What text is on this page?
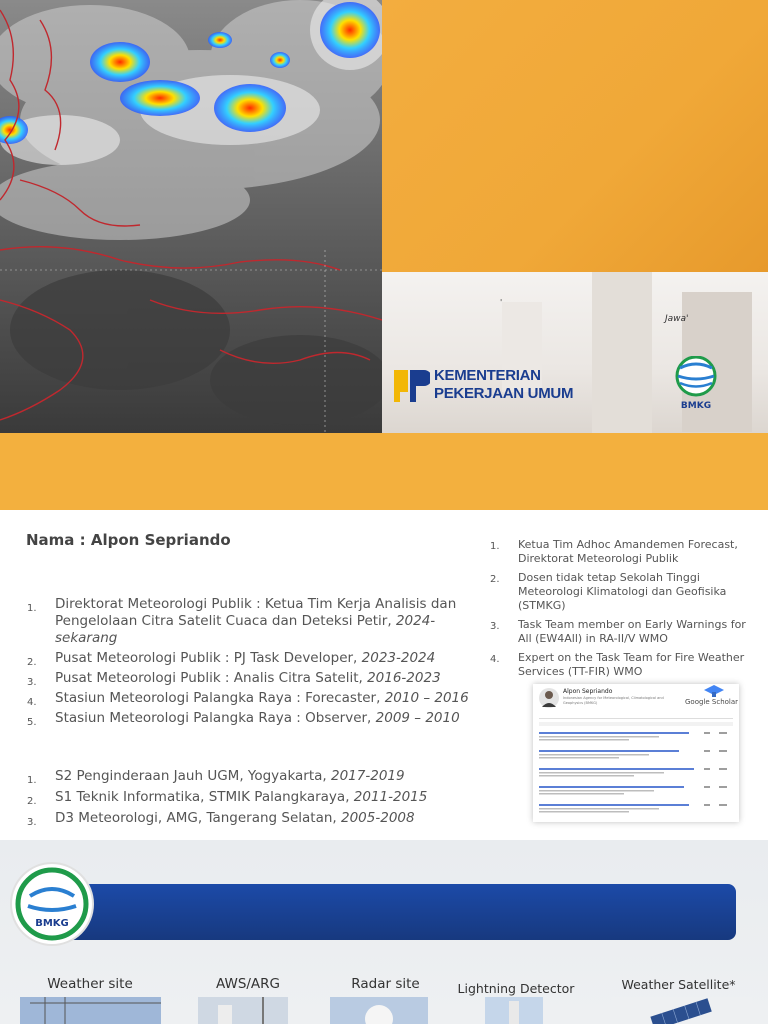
'
Jawa'
KEMENTERIAN
PEKERJAAN UMUM
BMKG
Nama : Alpon Sepriando
1. Direktorat Meteorologi Publik : Ketua Tim Kerja Analisis dan Pengelolaan Citra Satelit Cuaca dan Deteksi Petir, 2024-sekarang
2. Pusat Meteorologi Publik : PJ Task Developer, 2023-2024
3. Pusat Meteorologi Publik : Analis Citra Satelit, 2016-2023
4. Stasiun Meteorologi Palangka Raya : Forecaster, 2010 – 2016
5. Stasiun Meteorologi Palangka Raya : Observer, 2009 – 2010
1. S2 Penginderaan Jauh UGM, Yogyakarta, 2017-2019
2. S1 Teknik Informatika, STMIK Palangkaraya, 2011-2015
3. D3 Meteorologi, AMG, Tangerang Selatan, 2005-2008
1. Ketua Tim Adhoc Amandemen Forecast, Direktorat Meteorologi Publik
2. Dosen tidak tetap Sekolah Tinggi Meteorologi Klimatologi dan Geofisika (STMKG)
3. Task Team member on Early Warnings for All (EW4All) in RA-II/V WMO
4. Expert on the Task Team for Fire Weather Services (TT-FIR) WMO
Alpon Sepriando
Indonesian Agency for Meteorological, Climatological and Geophysics (BMKG)	Google Scholar
BMKG
Weather site	AWS/ARG	Radar site	Lightning Detector	Weather Satellite*
